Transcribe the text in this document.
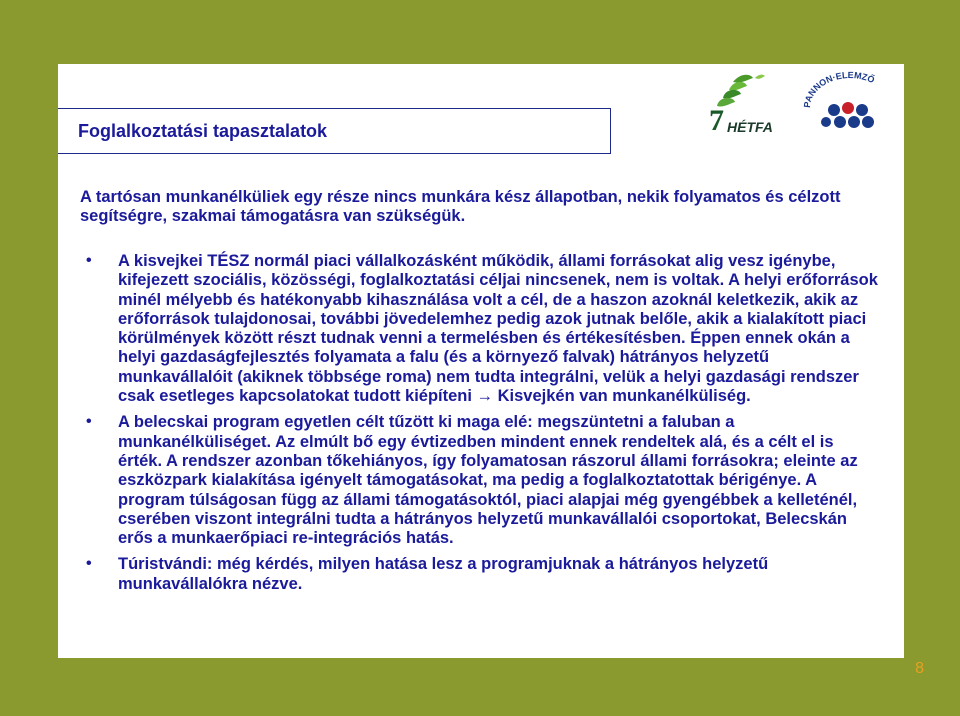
7 HÉTFA
PANNON·ELEMZŐ
Foglalkoztatási tapasztalatok
A tartósan munkanélküliek egy része nincs munkára kész állapotban, nekik folyamatos és célzott segítségre, szakmai támogatásra van szükségük.
• A kisvejkei TÉSZ normál piaci vállalkozásként működik, állami forrásokat alig vesz igénybe, kifejezett szociális, közösségi, foglalkoztatási céljai nincsenek, nem is voltak. A helyi erőforrások minél mélyebb és hatékonyabb kihasználása volt a cél, de a haszon azoknál keletkezik, akik az erőforrások tulajdonosai, további jövedelemhez pedig azok jutnak belőle, akik a kialakított piaci körülmények között részt tudnak venni a termelésben és értékesítésben. Éppen ennek okán a helyi gazdaságfejlesztés folyamata a falu (és a környező falvak) hátrányos helyzetű munkavállalóit (akiknek többsége roma) nem tudta integrálni, velük a helyi gazdasági rendszer csak esetleges kapcsolatokat tudott kiépíteni → Kisvejkén van munkanélküliség.
• A belecskai program egyetlen célt tűzött ki maga elé: megszüntetni a faluban a munkanélküliséget. Az elmúlt bő egy évtizedben mindent ennek rendeltek alá, és a célt el is érték. A rendszer azonban tőkehiányos, így folyamatosan rászorul állami forrásokra; eleinte az eszközpark kialakítása igényelt támogatásokat, ma pedig a foglalkoztatottak bérigénye. A program túlságosan függ az állami támogatásoktól, piaci alapjai még gyengébbek a kelleténél, cserében viszont integrálni tudta a hátrányos helyzetű munkavállalói csoportokat, Belecskán erős a munkaerőpiaci re-integrációs hatás.
• Túristvándi: még kérdés, milyen hatása lesz a programjuknak a hátrányos helyzetű munkavállalókra nézve.
8
